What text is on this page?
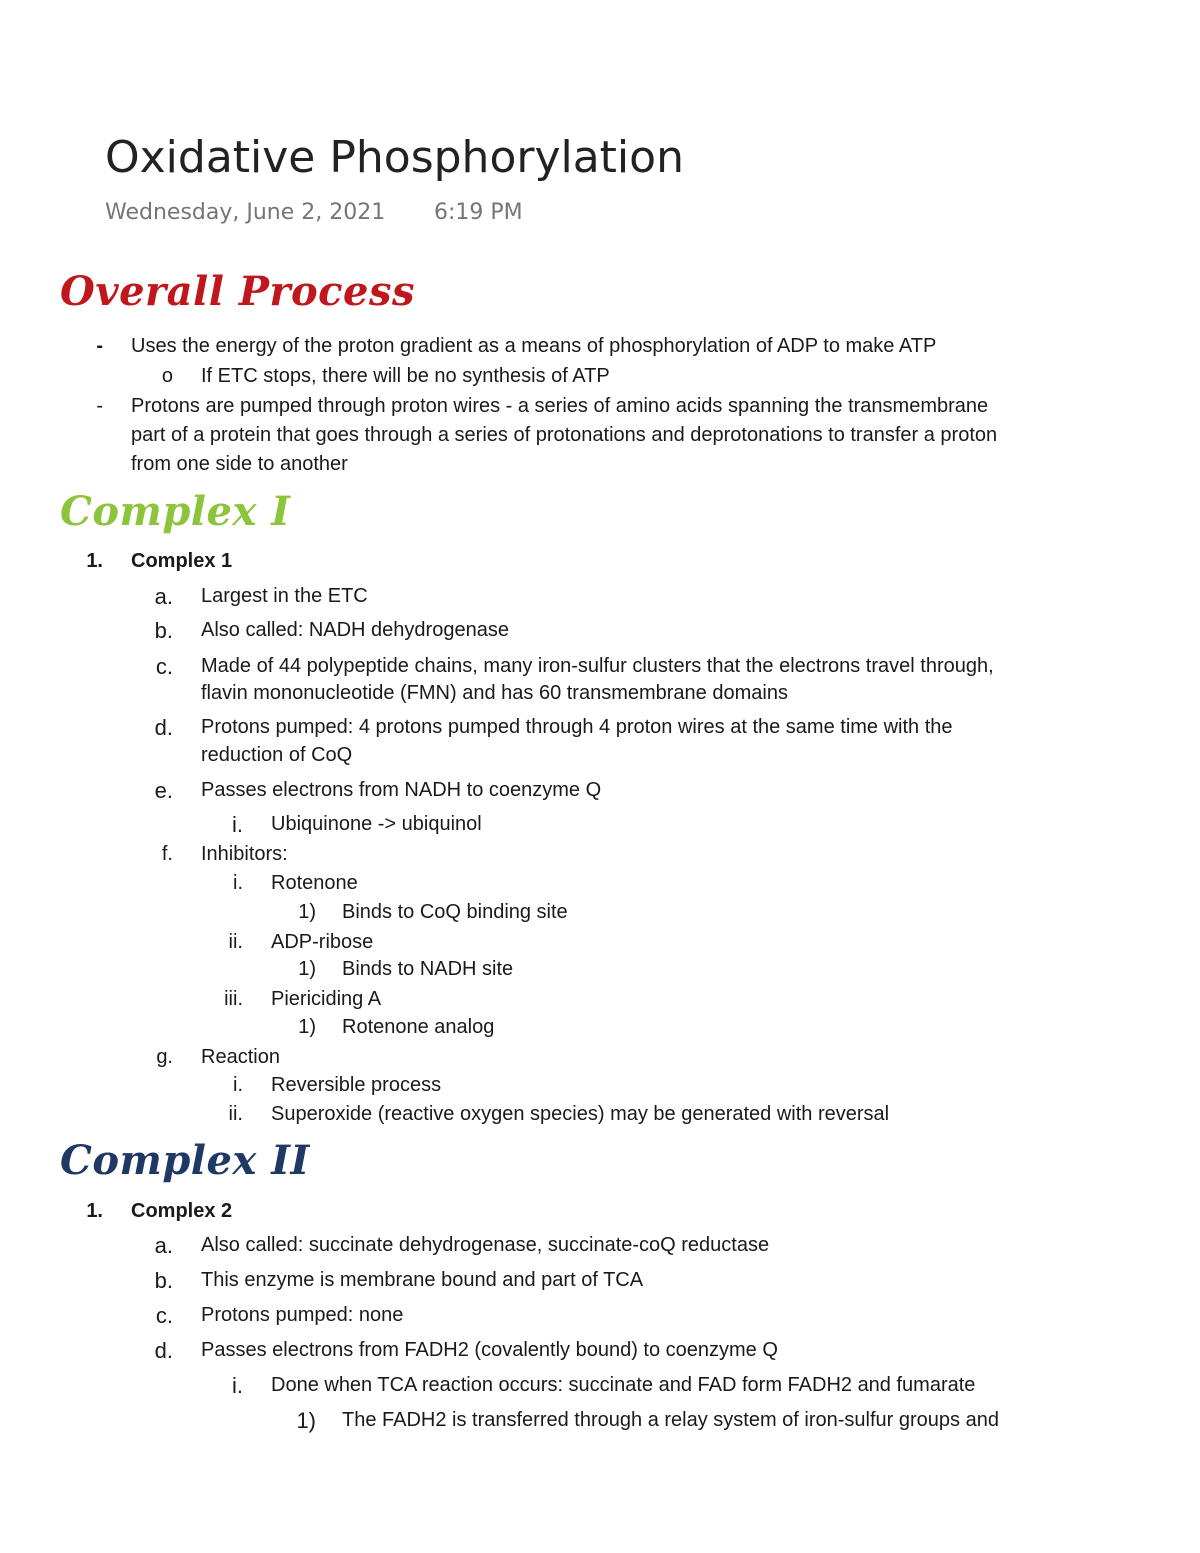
Oxidative Phosphorylation
Wednesday, June 2, 2021 6:19 PM
Overall Process
- Uses the energy of the proton gradient as a means of phosphorylation of ADP to make ATP
o If ETC stops, there will be no synthesis of ATP
- Protons are pumped through proton wires - a series of amino acids spanning the transmembrane
part of a protein that goes through a series of protonations and deprotonations to transfer a proton
from one side to another
Complex I
1. Complex 1
a. Largest in the ETC
b. Also called: NADH dehydrogenase
c. Made of 44 polypeptide chains, many iron-sulfur clusters that the electrons travel through,
flavin mononucleotide (FMN) and has 60 transmembrane domains
d. Protons pumped: 4 protons pumped through 4 proton wires at the same time with the
reduction of CoQ
e. Passes electrons from NADH to coenzyme Q
i. Ubiquinone -> ubiquinol
f. Inhibitors:
i. Rotenone
1) Binds to CoQ binding site
ii. ADP-ribose
1) Binds to NADH site
iii. Piericiding A
1) Rotenone analog
g. Reaction
i. Reversible process
ii. Superoxide (reactive oxygen species) may be generated with reversal
Complex II
1. Complex 2
a. Also called: succinate dehydrogenase, succinate-coQ reductase
b. This enzyme is membrane bound and part of TCA
c. Protons pumped: none
d. Passes electrons from FADH2 (covalently bound) to coenzyme Q
i. Done when TCA reaction occurs: succinate and FAD form FADH2 and fumarate
1) The FADH2 is transferred through a relay system of iron-sulfur groups and
